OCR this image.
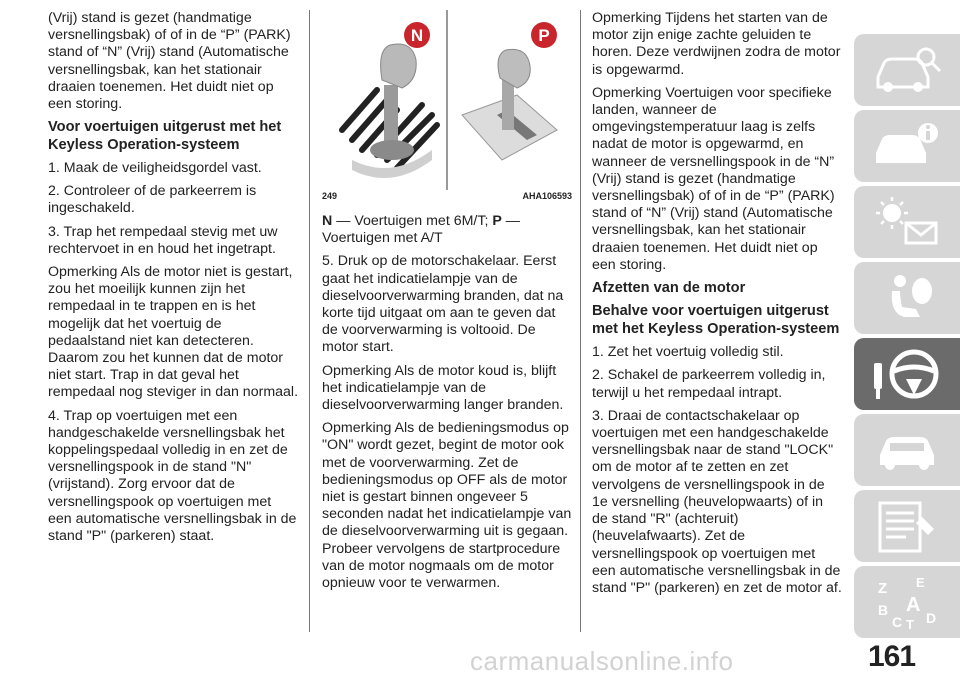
(Vrij) stand is gezet (handmatige versnellingsbak) of of in de “P” (PARK) stand of “N” (Vrij) stand (Automatische versnellingsbak, kan het stationair draaien toenemen. Het duidt niet op een storing.

Voor voertuigen uitgerust met het Keyless Operation-systeem

1. Maak de veiligheidsgordel vast.

2. Controleer of de parkeerrem is ingeschakeld.

3. Trap het rempedaal stevig met uw rechtervoet in en houd het ingetrapt.

Opmerking Als de motor niet is gestart, zou het moeilijk kunnen zijn het rempedaal in te trappen en is het mogelijk dat het voertuig de pedaalstand niet kan detecteren. Daarom zou het kunnen dat de motor niet start. Trap in dat geval het rempedaal nog steviger in dan normaal.

4. Trap op voertuigen met een handgeschakelde versnellingsbak het koppelingspedaal volledig in en zet de versnellingspook in de stand "N" (vrijstand). Zorg ervoor dat de versnellingspook op voertuigen met een automatische versnellingsbak in de stand "P" (parkeren) staat.

N	P
249	AHA106593

N — Voertuigen met 6M/T; P — Voertuigen met A/T

5. Druk op de motorschakelaar. Eerst gaat het indicatielampje van de dieselvoorverwarming branden, dat na korte tijd uitgaat om aan te geven dat de voorverwarming is voltooid. De motor start.

Opmerking Als de motor koud is, blijft het indicatielampje van de dieselvoorverwarming langer branden.

Opmerking Als de bedieningsmodus op "ON" wordt gezet, begint de motor ook met de voorverwarming. Zet de bedieningsmodus op OFF als de motor niet is gestart binnen ongeveer 5 seconden nadat het indicatielampje van de dieselvoorverwarming uit is gegaan. Probeer vervolgens de startprocedure van de motor nogmaals om de motor opnieuw voor te verwarmen.

Opmerking Tijdens het starten van de motor zijn enige zachte geluiden te horen. Deze verdwijnen zodra de motor is opgewarmd.

Opmerking Voertuigen voor specifieke landen, wanneer de omgevingstemperatuur laag is zelfs nadat de motor is opgewarmd, en wanneer de versnellingspook in de “N” (Vrij) stand is gezet (handmatige versnellingsbak) of of in de “P” (PARK) stand of “N” (Vrij) stand (Automatische versnellingsbak, kan het stationair draaien toenemen. Het duidt niet op een storing.

Afzetten van de motor
Behalve voor voertuigen uitgerust met het Keyless Operation-systeem

1. Zet het voertuig volledig stil.

2. Schakel de parkeerrem volledig in, terwijl u het rempedaal intrapt.

3. Draai de contactschakelaar op voertuigen met een handgeschakelde versnellingsbak naar de stand "LOCK" om de motor af te zetten en zet vervolgens de versnellingspook in de 1e versnelling (heuvelopwaarts) of in de stand "R" (achteruit) (heuvelafwaarts). Zet de versnellingspook op voertuigen met een automatische versnellingsbak in de stand "P" (parkeren) en zet de motor af. Z E
B A
C T D
carmanualsonline.info	161
